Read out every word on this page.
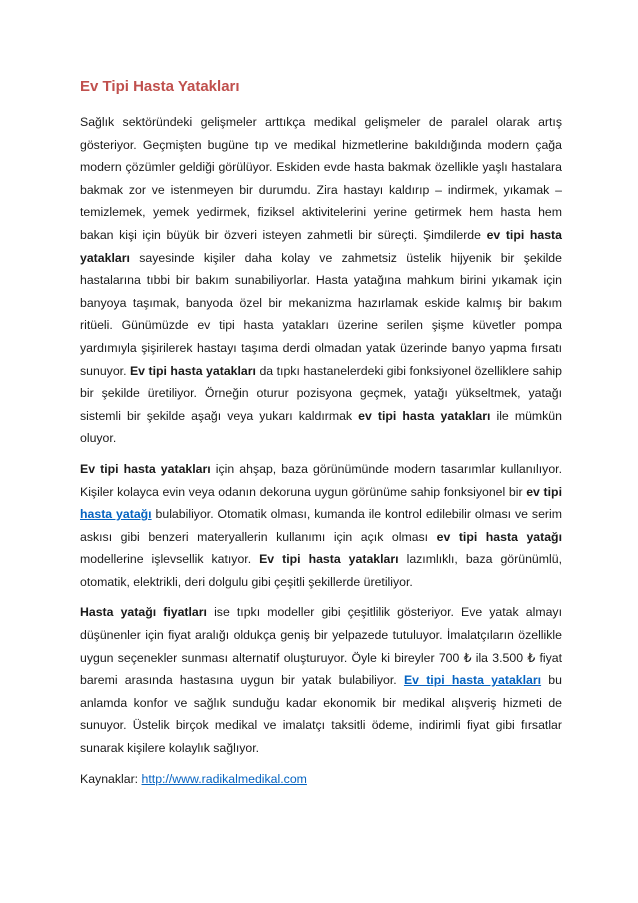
Ev Tipi Hasta Yatakları

Sağlık sektöründeki gelişmeler arttıkça medikal gelişmeler de paralel olarak artış gösteriyor. Geçmişten bugüne tıp ve medikal hizmetlerine bakıldığında modern çağa modern çözümler geldiği görülüyor. Eskiden evde hasta bakmak özellikle yaşlı hastalara bakmak zor ve istenmeyen bir durumdu. Zira hastayı kaldırıp – indirmek, yıkamak – temizlemek, yemek yedirmek, fiziksel aktivitelerini yerine getirmek hem hasta hem bakan kişi için büyük bir özveri isteyen zahmetli bir süreçti. Şimdilerde ev tipi hasta yatakları sayesinde kişiler daha kolay ve zahmetsiz üstelik hijyenik bir şekilde hastalarına tıbbi bir bakım sunabiliyorlar. Hasta yatağına mahkum birini yıkamak için banyoya taşımak, banyoda özel bir mekanizma hazırlamak eskide kalmış bir bakım ritüeli. Günümüzde ev tipi hasta yatakları üzerine serilen şişme küvetler pompa yardımıyla şişirilerek hastayı taşıma derdi olmadan yatak üzerinde banyo yapma fırsatı sunuyor. Ev tipi hasta yatakları da tıpkı hastanelerdeki gibi fonksiyonel özelliklere sahip bir şekilde üretiliyor. Örneğin oturur pozisyona geçmek, yatağı yükseltmek, yatağı sistemli bir şekilde aşağı veya yukarı kaldırmak ev tipi hasta yatakları ile mümkün oluyor.

Ev tipi hasta yatakları için ahşap, baza görünümünde modern tasarımlar kullanılıyor. Kişiler kolayca evin veya odanın dekoruna uygun görünüme sahip fonksiyonel bir ev tipi hasta yatağı bulabiliyor. Otomatik olması, kumanda ile kontrol edilebilir olması ve serim askısı gibi benzeri materyallerin kullanımı için açık olması ev tipi hasta yatağı modellerine işlevsellik katıyor. Ev tipi hasta yatakları lazımlıklı, baza görünümlü, otomatik, elektrikli, deri dolgulu gibi çeşitli şekillerde üretiliyor.

Hasta yatağı fiyatları ise tıpkı modeller gibi çeşitlilik gösteriyor. Eve yatak almayı düşünenler için fiyat aralığı oldukça geniş bir yelpazede tutuluyor. İmalatçıların özellikle uygun seçenekler sunması alternatif oluşturuyor. Öyle ki bireyler 700 ₺ ila 3.500 ₺ fiyat baremi arasında hastasına uygun bir yatak bulabiliyor. Ev tipi hasta yatakları bu anlamda konfor ve sağlık sunduğu kadar ekonomik bir medikal alışveriş hizmeti de sunuyor. Üstelik birçok medikal ve imalatçı taksitli ödeme, indirimli fiyat gibi fırsatlar sunarak kişilere kolaylık sağlıyor.

Kaynaklar: http://www.radikalmedikal.com
